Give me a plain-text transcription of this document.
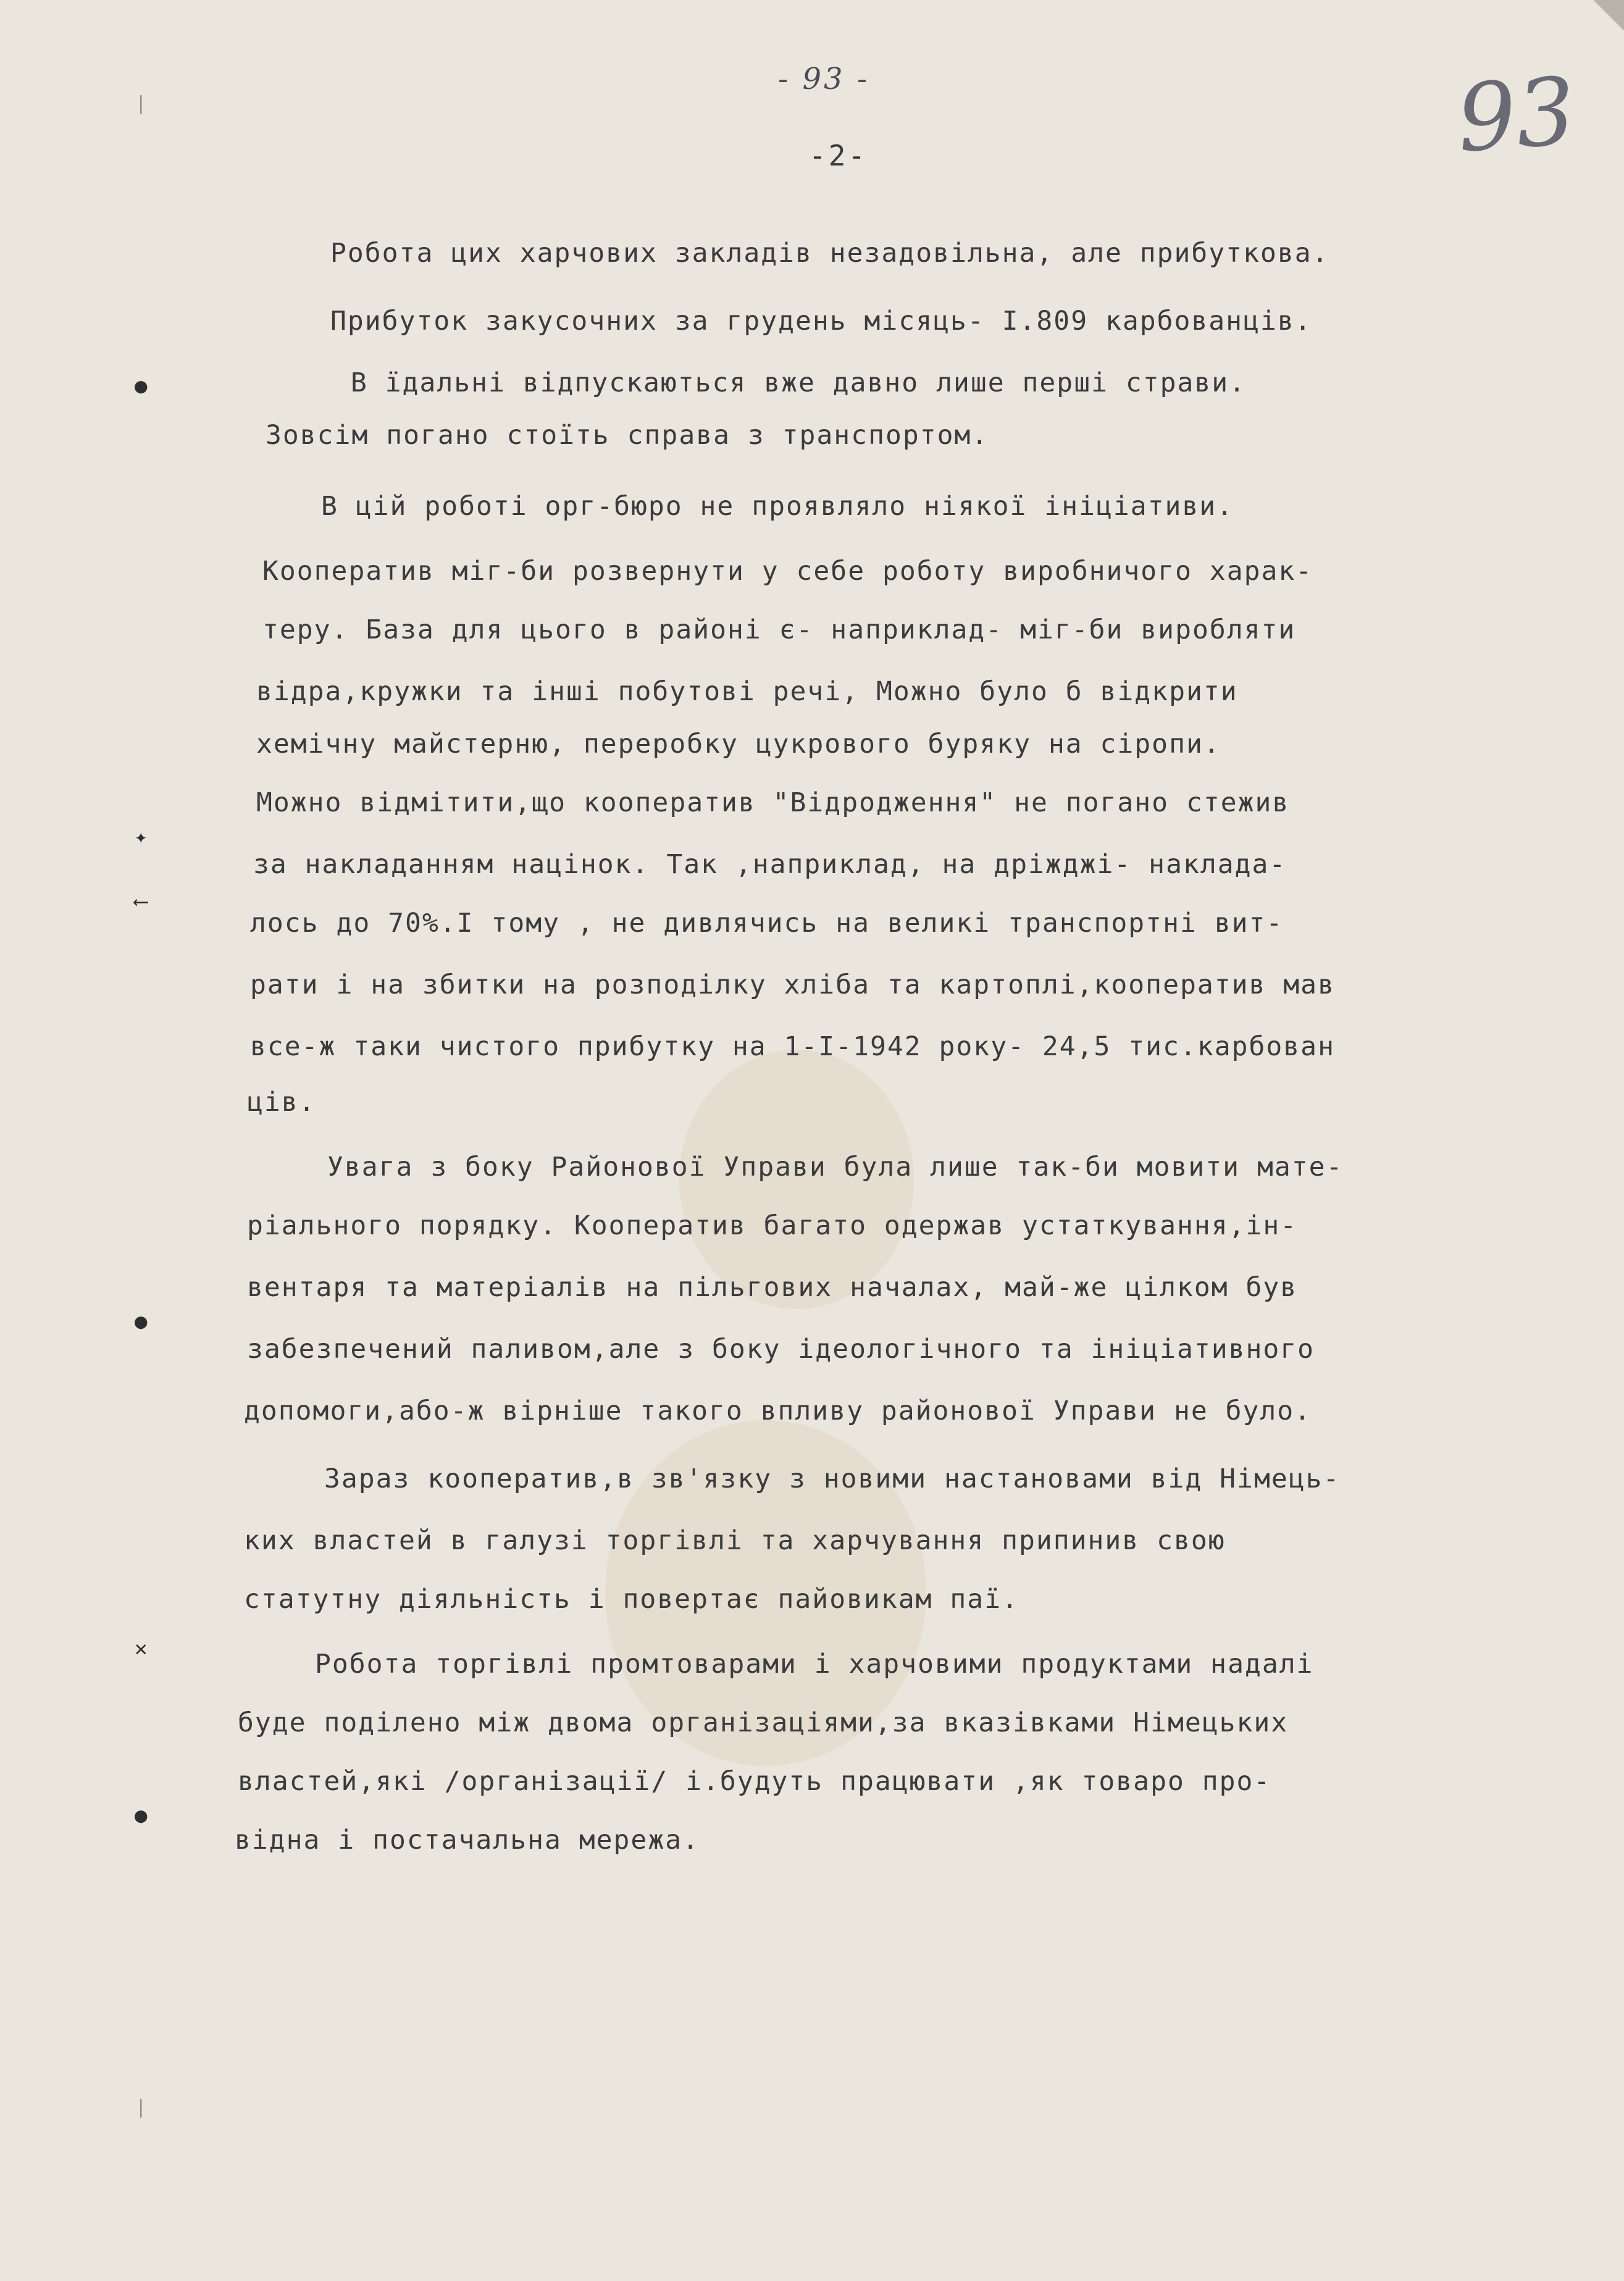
- 93 -	93
-2-
ᛁ
●
✦
⟵
●
✕
●
ᛁ
Робота цих харчових закладів незадовільна, але прибуткова.
Прибуток закусочних за грудень місяць- І.809 карбованців.
В їдальні відпускаються вже давно лише перші страви.
Зовсім погано стоїть справа з транспортом.
В цій роботі орг-бюро не проявляло ніякої ініціативи.
Кооператив міг-би розвернути у себе роботу виробничого харак-
теру. База для цього в районі є- наприклад- міг-би виробляти
відра,кружки та інші побутові речі, Можно було б відкрити
хемічну майстерню, переробку цукрового буряку на сіропи.
Можно відмітити,що кооператив "Відродження" не погано стежив
за накладанням націнок. Так ,наприклад, на дріжджі- наклада-
лось до 70%.І тому , не дивлячись на великі транспортні вит-
рати і на збитки на розподілку хліба та картоплі,кооператив мав
все-ж таки чистого прибутку на 1-І-1942 року- 24,5 тис.карбован
ців.
Увага з боку Районової Управи була лише так-би мовити мате-
ріального порядку. Кооператив багато одержав устаткування,ін-
вентаря та матеріалів на пільгових началах, май-же цілком був
забезпечений паливом,але з боку ідеологічного та ініціативного
допомоги,або-ж вірніше такого впливу районової Управи не було.
Зараз кооператив,в зв'язку з новими настановами від Німець-
ких властей в галузі торгівлі та харчування припинив свою
статутну діяльність і повертає пайовикам паї.
Робота торгівлі промтоварами і харчовими продуктами надалі
буде поділено між двома організаціями,за вказівками Німецьких
властей,які /організації/ і.будуть працювати ,як товаро про-
відна і постачальна мережа.
